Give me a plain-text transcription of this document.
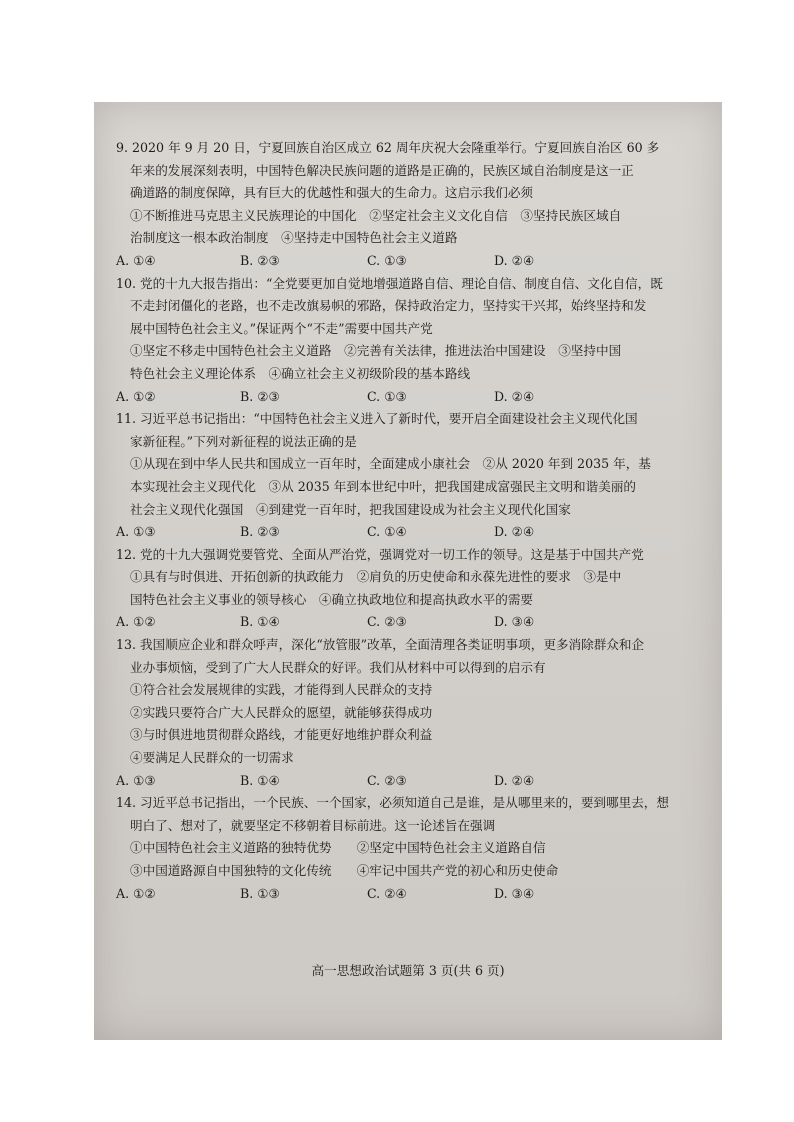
9. 2020 年 9 月 20 日，宁夏回族自治区成立 62 周年庆祝大会隆重举行。宁夏回族自治区 60 多
年来的发展深刻表明，中国特色解决民族问题的道路是正确的，民族区域自治制度是这一正
确道路的制度保障，具有巨大的优越性和强大的生命力。这启示我们必须
①不断推进马克思主义民族理论的中国化　②坚定社会主义文化自信　③坚持民族区域自
治制度这一根本政治制度　④坚持走中国特色社会主义道路
A. ①④	B. ②③	C. ①③	D. ②④
10. 党的十九大报告指出：“全党要更加自觉地增强道路自信、理论自信、制度自信、文化自信，既
不走封闭僵化的老路，也不走改旗易帜的邪路，保持政治定力，坚持实干兴邦，始终坚持和发
展中国特色社会主义。”保证两个“不走”需要中国共产党
①坚定不移走中国特色社会主义道路　②完善有关法律，推进法治中国建设　③坚持中国
特色社会主义理论体系　④确立社会主义初级阶段的基本路线
A. ①②	B. ②③	C. ①③	D. ②④
11. 习近平总书记指出：“中国特色社会主义进入了新时代，要开启全面建设社会主义现代化国
家新征程。”下列对新征程的说法正确的是
①从现在到中华人民共和国成立一百年时，全面建成小康社会　②从 2020 年到 2035 年，基
本实现社会主义现代化　③从 2035 年到本世纪中叶，把我国建成富强民主文明和谐美丽的
社会主义现代化强国　④到建党一百年时，把我国建设成为社会主义现代化国家
A. ①③	B. ②③	C. ①④	D. ②④
12. 党的十九大强调党要管党、全面从严治党，强调党对一切工作的领导。这是基于中国共产党
①具有与时俱进、开拓创新的执政能力　②肩负的历史使命和永葆先进性的要求　③是中
国特色社会主义事业的领导核心　④确立执政地位和提高执政水平的需要
A. ①②	B. ①④	C. ②③	D. ③④
13. 我国顺应企业和群众呼声，深化“放管服”改革，全面清理各类证明事项，更多消除群众和企
业办事烦恼，受到了广大人民群众的好评。我们从材料中可以得到的启示有
①符合社会发展规律的实践，才能得到人民群众的支持
②实践只要符合广大人民群众的愿望，就能够获得成功
③与时俱进地贯彻群众路线，才能更好地维护群众利益
④要满足人民群众的一切需求
A. ①③	B. ①④	C. ②③	D. ②④
14. 习近平总书记指出，一个民族、一个国家，必须知道自己是谁，是从哪里来的，要到哪里去，想
明白了、想对了，就要坚定不移朝着目标前进。这一论述旨在强调
①中国特色社会主义道路的独特优势　　②坚定中国特色社会主义道路自信
③中国道路源自中国独特的文化传统　　④牢记中国共产党的初心和历史使命
A. ①②	B. ①③	C. ②④	D. ③④
高一思想政治试题第 3 页(共 6 页)
